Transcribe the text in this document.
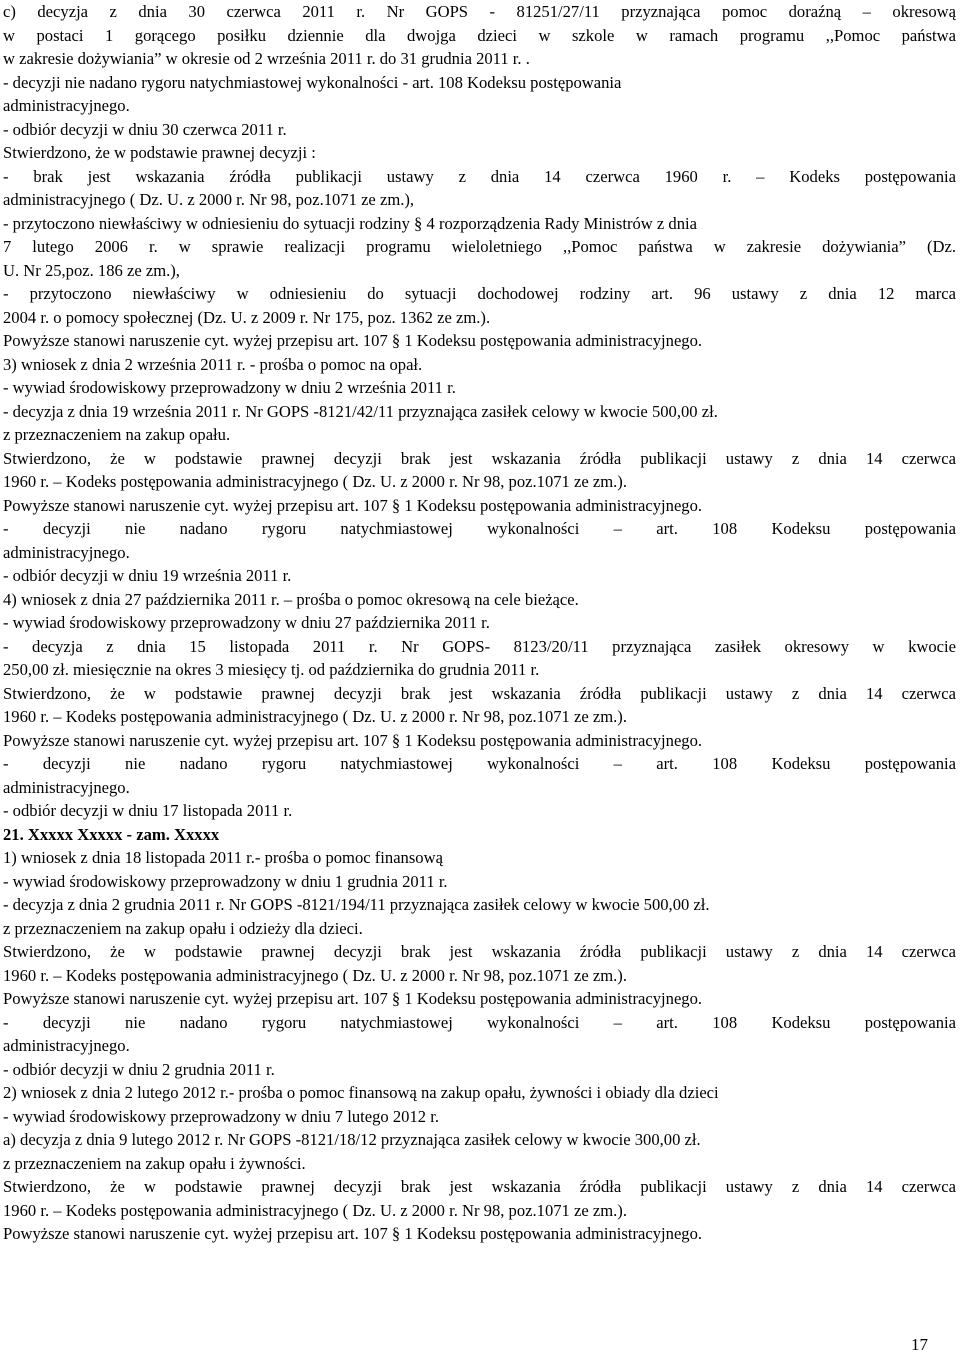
c) decyzja z dnia 30 czerwca 2011 r. Nr GOPS - 81251/27/11 przyznająca pomoc doraźną – okresową
w postaci 1 gorącego posiłku dziennie dla dwojga dzieci w szkole w ramach programu ,,Pomoc państwa
w zakresie dożywiania” w okresie od 2 września 2011 r. do 31 grudnia 2011 r. .
- decyzji nie nadano rygoru natychmiastowej wykonalności - art. 108 Kodeksu postępowania
administracyjnego.
- odbiór decyzji w dniu 30 czerwca 2011 r.
Stwierdzono, że w podstawie prawnej decyzji :
- brak jest wskazania źródła publikacji ustawy z dnia 14 czerwca 1960 r. – Kodeks postępowania
administracyjnego ( Dz. U. z 2000 r. Nr 98, poz.1071 ze zm.),
- przytoczono niewłaściwy w odniesieniu do sytuacji rodziny § 4 rozporządzenia Rady Ministrów z dnia
7 lutego 2006 r. w sprawie realizacji programu wieloletniego ,,Pomoc państwa w zakresie dożywiania” (Dz.
U. Nr 25,poz. 186 ze zm.),
- przytoczono niewłaściwy w odniesieniu do sytuacji dochodowej rodziny art. 96 ustawy z dnia 12 marca
2004 r. o pomocy społecznej (Dz. U. z 2009 r. Nr 175, poz. 1362 ze zm.).
Powyższe stanowi naruszenie cyt. wyżej przepisu art. 107 § 1 Kodeksu postępowania administracyjnego.
3) wniosek z dnia 2 września 2011 r. - prośba o pomoc na opał.
- wywiad środowiskowy przeprowadzony w dniu 2 września 2011 r.
- decyzja z dnia 19 września 2011 r. Nr GOPS -8121/42/11 przyznająca zasiłek celowy w kwocie 500,00 zł.
z przeznaczeniem na zakup opału.
Stwierdzono, że w podstawie prawnej decyzji brak jest wskazania źródła publikacji ustawy z dnia 14 czerwca
1960 r. – Kodeks postępowania administracyjnego ( Dz. U. z 2000 r. Nr 98, poz.1071 ze zm.).
Powyższe stanowi naruszenie cyt. wyżej przepisu art. 107 § 1 Kodeksu postępowania administracyjnego.
- decyzji nie nadano rygoru natychmiastowej wykonalności – art. 108 Kodeksu postępowania
administracyjnego.
- odbiór decyzji w dniu 19 września 2011 r.
4) wniosek z dnia 27 października 2011 r. – prośba o pomoc okresową na cele bieżące.
- wywiad środowiskowy przeprowadzony w dniu 27 października 2011 r.
- decyzja z dnia 15 listopada 2011 r. Nr GOPS- 8123/20/11 przyznająca zasiłek okresowy w kwocie
250,00 zł. miesięcznie na okres 3 miesięcy tj. od października do grudnia 2011 r.
Stwierdzono, że w podstawie prawnej decyzji brak jest wskazania źródła publikacji ustawy z dnia 14 czerwca
1960 r. – Kodeks postępowania administracyjnego ( Dz. U. z 2000 r. Nr 98, poz.1071 ze zm.).
Powyższe stanowi naruszenie cyt. wyżej przepisu art. 107 § 1 Kodeksu postępowania administracyjnego.
- decyzji nie nadano rygoru natychmiastowej wykonalności – art. 108 Kodeksu postępowania
administracyjnego.
- odbiór decyzji w dniu 17 listopada 2011 r.
21. Xxxxx Xxxxx - zam. Xxxxx
1) wniosek z dnia 18 listopada 2011 r.- prośba o pomoc finansową
- wywiad środowiskowy przeprowadzony w dniu 1 grudnia 2011 r.
- decyzja z dnia 2 grudnia 2011 r. Nr GOPS -8121/194/11 przyznająca zasiłek celowy w kwocie 500,00 zł.
z przeznaczeniem na zakup opału i odzieży dla dzieci.
Stwierdzono, że w podstawie prawnej decyzji brak jest wskazania źródła publikacji ustawy z dnia 14 czerwca
1960 r. – Kodeks postępowania administracyjnego ( Dz. U. z 2000 r. Nr 98, poz.1071 ze zm.).
Powyższe stanowi naruszenie cyt. wyżej przepisu art. 107 § 1 Kodeksu postępowania administracyjnego.
- decyzji nie nadano rygoru natychmiastowej wykonalności – art. 108 Kodeksu postępowania
administracyjnego.
- odbiór decyzji w dniu 2 grudnia 2011 r.
2) wniosek z dnia 2 lutego 2012 r.- prośba o pomoc finansową na zakup opału, żywności i obiady dla dzieci
- wywiad środowiskowy przeprowadzony w dniu 7 lutego 2012 r.
a) decyzja z dnia 9 lutego 2012 r. Nr GOPS -8121/18/12 przyznająca zasiłek celowy w kwocie 300,00 zł.
z przeznaczeniem na zakup opału i żywności.
Stwierdzono, że w podstawie prawnej decyzji brak jest wskazania źródła publikacji ustawy z dnia 14 czerwca
1960 r. – Kodeks postępowania administracyjnego ( Dz. U. z 2000 r. Nr 98, poz.1071 ze zm.).
Powyższe stanowi naruszenie cyt. wyżej przepisu art. 107 § 1 Kodeksu postępowania administracyjnego.
17
